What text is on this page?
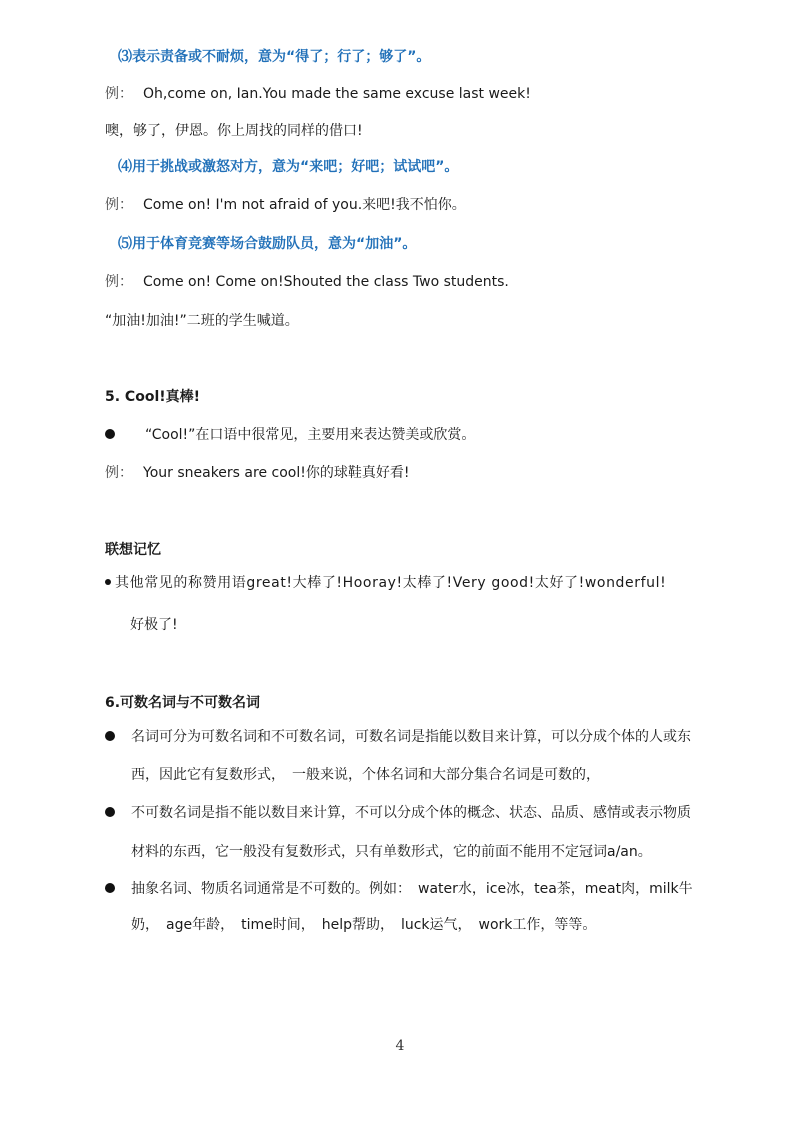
⑶表示责备或不耐烦，意为“得了；行了；够了”。
例： Oh,come on, Ian.You made the same excuse last week!
噢，够了，伊恩。你上周找的同样的借口!
⑷用于挑战或激怒对方，意为“来吧；好吧；试试吧”。
例： Come on! I'm not afraid of you.来吧!我不怕你。
⑸用于体育竞赛等场合鼓励队员，意为“加油”。
例： Come on! Come on!Shouted the class Two students.
“加油!加油!”二班的学生喊道。
5. Cool!真棒!
“Cool!”在口语中很常见，主要用来表达赞美或欣赏。
例： Your sneakers are cool!你的球鞋真好看!
联想记忆
其他常见的称赞用语great!大棒了!Hooray!太棒了!Very good!太好了!wonderful!
好极了!
6.可数名词与不可数名词
名词可分为可数名词和不可数名词，可数名词是指能以数目来计算，可以分成个体的人或东
西，因此它有复数形式，　一般来说，个体名词和大部分集合名词是可数的，
不可数名词是指不能以数目来计算，不可以分成个体的概念、状态、品质、感情或表示物质
材料的东西，它一般没有复数形式，只有单数形式，它的前面不能用不定冠词a/an。
抽象名词、物质名词通常是不可数的。例如：　water水，ice冰，tea茶，meat肉，milk牛
奶，　age年龄，　time时间，　help帮助，　luck运气，　work工作，等等。
4
